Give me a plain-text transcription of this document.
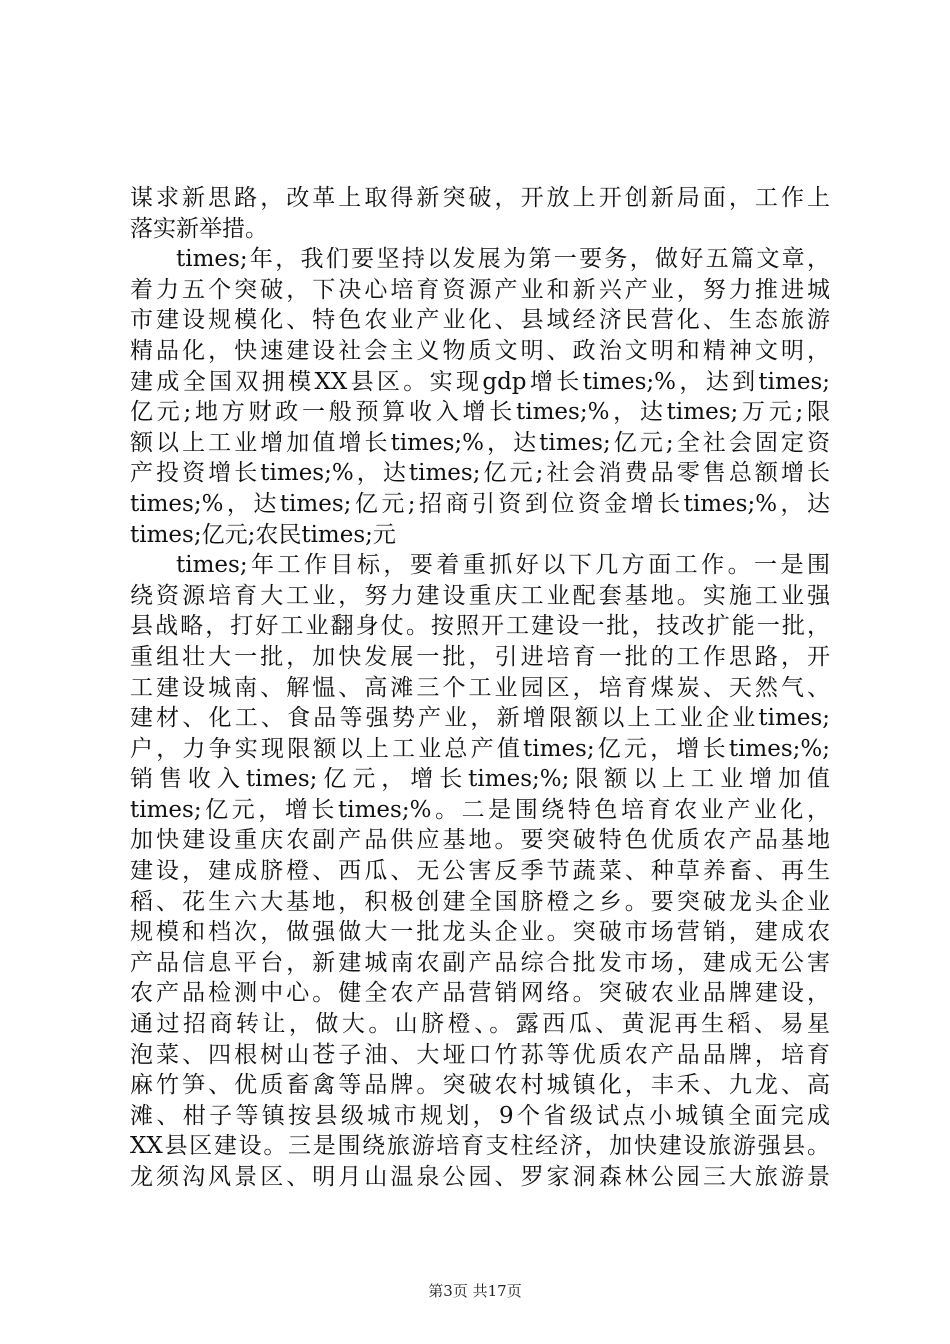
谋求新思路，改革上取得新突破，开放上开创新局面，工作上
落实新举措。
times;年，我们要坚持以发展为第一要务，做好五篇文章，
着力五个突破，下决心培育资源产业和新兴产业，努力推进城
市建设规模化、特色农业产业化、县域经济民营化、生态旅游
精品化，快速建设社会主义物质文明、政治文明和精神文明，
建成全国双拥模XX县区。实现gdp增长times;%，达到times;
亿元;地方财政一般预算收入增长times;%，达times;万元;限
额以上工业增加值增长times;%，达times;亿元;全社会固定资
产投资增长times;%，达times;亿元;社会消费品零售总额增长
times;%，达times;亿元;招商引资到位资金增长times;%，达
times;亿元;农民times;元
times;年工作目标，要着重抓好以下几方面工作。一是围
绕资源培育大工业，努力建设重庆工业配套基地。实施工业强
县战略，打好工业翻身仗。按照开工建设一批，技改扩能一批，
重组壮大一批，加快发展一批，引进培育一批的工作思路，开
工建设城南、解愠、高滩三个工业园区，培育煤炭、天然气、
建材、化工、食品等强势产业，新增限额以上工业企业times;
户，力争实现限额以上工业总产值times;亿元，增长times;%;
销售收入times;亿元，增长times;%;限额以上工业增加值
times;亿元，增长times;%。二是围绕特色培育农业产业化，
加快建设重庆农副产品供应基地。要突破特色优质农产品基地
建设，建成脐橙、西瓜、无公害反季节蔬菜、种草养畜、再生
稻、花生六大基地，积极创建全国脐橙之乡。要突破龙头企业
规模和档次，做强做大一批龙头企业。突破市场营销，建成农
产品信息平台，新建城南农副产品综合批发市场，建成无公害
农产品检测中心。健全农产品营销网络。突破农业品牌建设，
通过招商转让，做大。山脐橙、。露西瓜、黄泥再生稻、易星
泡菜、四根树山苍子油、大垭口竹荪等优质农产品品牌，培育
麻竹笋、优质畜禽等品牌。突破农村城镇化，丰禾、九龙、高
滩、柑子等镇按县级城市规划，9个省级试点小城镇全面完成
XX县区建设。三是围绕旅游培育支柱经济，加快建设旅游强县。
龙须沟风景区、明月山温泉公园、罗家洞森林公园三大旅游景
第3页 共17页
